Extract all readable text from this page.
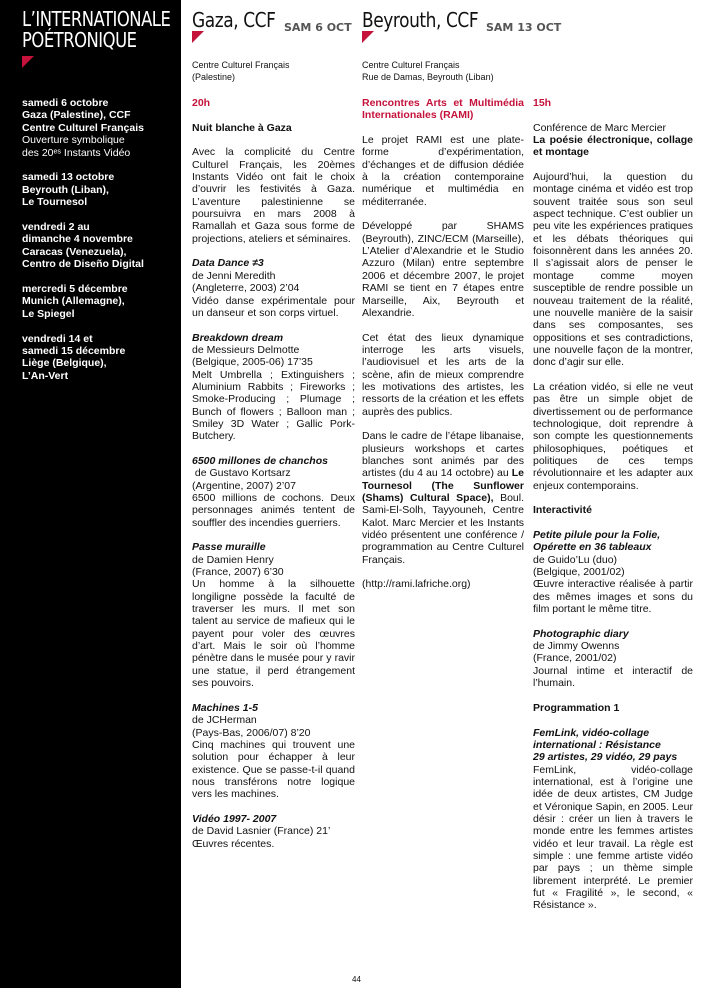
L’INTERNATIONALE
POÉTRONIQUE
samedi 6 octobre
Gaza (Palestine), CCF
Centre Culturel Français
Ouverture symbolique
des 20ᵉˢ Instants Vidéo
samedi 13 octobre
Beyrouth (Liban),
Le Tournesol
vendredi 2 au
dimanche 4 novembre
Caracas (Venezuela),
Centro de Diseño Digital
mercredi 5 décembre
Munich (Allemagne),
Le Spiegel
vendredi 14 et
samedi 15 décembre
Liège (Belgique),
L’An-Vert
Gaza, CCF SAM 6 OCT
Centre Culturel Français
(Palestine)
Beyrouth, CCF SAM 13 OCT
Centre Culturel Français
Rue de Damas, Beyrouth (Liban)

20h

Nuit blanche à Gaza

Avec la complicité du Centre Culturel Français, les 20èmes Instants Vidéo ont fait le choix d’ouvrir les festivités à Gaza. L’aventure palestinienne se poursuivra en mars 2008 à Ramallah et Gaza sous forme de projections, ateliers et séminaires.

Data Dance ≠3
de Jenni Meredith
(Angleterre, 2003) 2’04

Vidéo danse expérimentale pour un danseur et son corps virtuel.

Breakdown dream
de Messieurs Delmotte
(Belgique, 2005-06) 17’35

Melt Umbrella ; Extinguishers ; Aluminium Rabbits ; Fireworks ; Smoke-Producing ; Plumage ; Bunch of flowers ; Balloon man ; Smiley 3D Water ; Gallic Pork-Butchery.

6500 millones de chanchos
de Gustavo Kortsarz
(Argentine, 2007) 2’07

6500 millions de cochons. Deux personnages animés tentent de souffler des incendies guerriers.

Passe muraille
de Damien Henry
(France, 2007) 6’30

Un homme à la silhouette longiligne possède la faculté de traverser les murs. Il met son talent au service de mafieux qui le payent pour voler des œuvres d’art. Mais le soir où l’homme pénètre dans le musée pour y ravir une statue, il perd étrangement ses pouvoirs.

Machines 1-5
de JCHerman
(Pays-Bas, 2006/07) 8’20

Cinq machines qui trouvent une solution pour échapper à leur existence. Que se passe-t-il quand nous transférons notre logique vers les machines.

Vidéo 1997- 2007
de David Lasnier (France) 21’

Œuvres récentes.

Rencontres Arts et Multimédia Internationales (RAMI)

Le projet RAMI est une plate-forme d’expérimentation, d’échanges et de diffusion dédiée à la création contemporaine numérique et multimédia en méditerranée.

Développé par SHAMS (Beyrouth), ZINC/ECM (Marseille), L’Atelier d’Alexandrie et le Studio Azzuro (Milan) entre septembre 2006 et décembre 2007, le projet RAMI se tient en 7 étapes entre Marseille, Aix, Beyrouth et Alexandrie.

Cet état des lieux dynamique interroge les arts visuels, l’audiovisuel et les arts de la scène, afin de mieux comprendre les motivations des artistes, les ressorts de la création et les effets auprès des publics.

Dans le cadre de l’étape libanaise, plusieurs workshops et cartes blanches sont animés par des artistes (du 4 au 14 octobre) au Le Tournesol (The Sunflower (Shams) Cultural Space), Boul. Sami-El-Solh, Tayyouneh, Centre Kalot. Marc Mercier et les Instants vidéo présentent une conférence / programmation au Centre Culturel Français.

(http://rami.lafriche.org)

15h

Conférence de Marc Mercier

La poésie électronique, collage et montage

Aujourd’hui, la question du montage cinéma et vidéo est trop souvent traitée sous son seul aspect technique. C’est oublier un peu vite les expériences pratiques et les débats théoriques qui foisonnèrent dans les années 20. Il s’agissait alors de penser le montage comme moyen susceptible de rendre possible un nouveau traitement de la réalité, une nouvelle manière de la saisir dans ses composantes, ses oppositions et ses contradictions, une nouvelle façon de la montrer, donc d’agir sur elle.

La création vidéo, si elle ne veut pas être un simple objet de divertissement ou de performance technologique, doit reprendre à son compte les questionnements philosophiques, poétiques et politiques de ces temps révolutionnaire et les adapter aux enjeux contemporains.

Interactivité

Petite pilule pour la Folie, Opérette en 36 tableaux
de Guido’Lu (duo)
(Belgique, 2001/02)

Œuvre interactive réalisée à partir des mêmes images et sons du film portant le même titre.

Photographic diary
de Jimmy Owenns
(France, 2001/02)

Journal intime et interactif de l’humain.

Programmation 1

FemLink, vidéo-collage international : Résistance
29 artistes, 29 vidéo, 29 pays

FemLink, vidéo-collage international, est à l’origine une idée de deux artistes, CM Judge et Véronique Sapin, en 2005. Leur désir : créer un lien à travers le monde entre les femmes artistes vidéo et leur travail. La règle est simple : une femme artiste vidéo par pays ; un thème simple librement interprété. Le premier fut « Fragilité », le second, « Résistance ».

44
